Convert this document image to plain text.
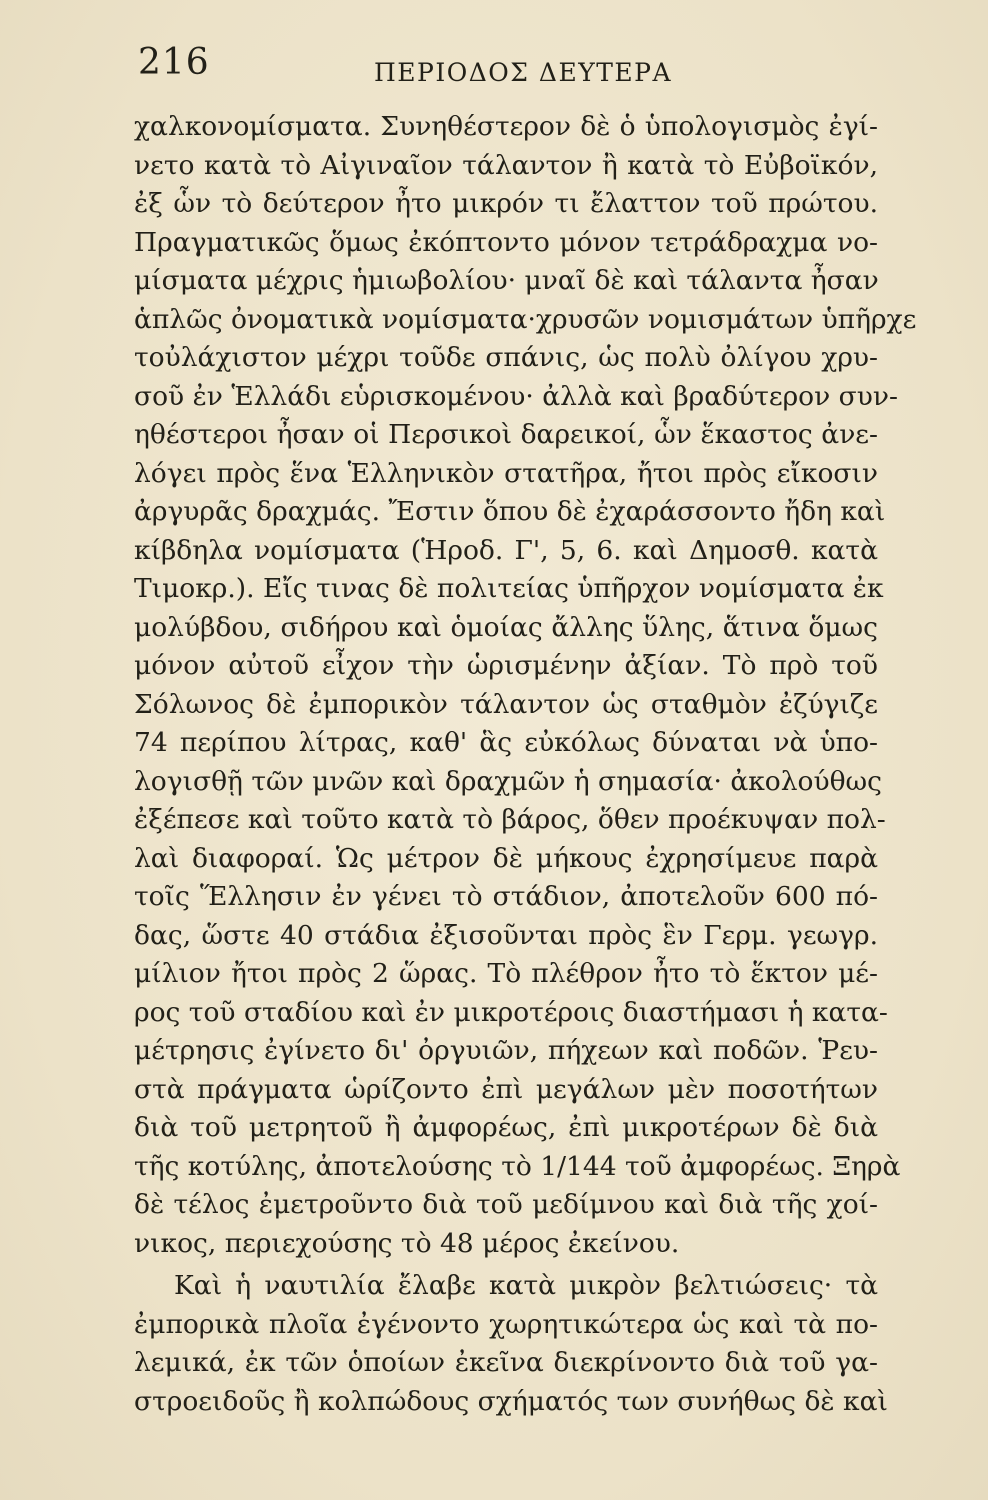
216	ΠΕΡΙΟΔΟΣ ΔΕΥΤΕΡΑ
χαλκονομίσματα. Συνηθέστερον δὲ ὁ ὑπολογισμὸς ἐγί-
νετο κατὰ τὸ Αἰγιναῖον τάλαντον ἢ κατὰ τὸ Εὐβοϊκόν,
ἐξ ὧν τὸ δεύτερον ἦτο μικρόν τι ἔλαττον τοῦ πρώτου.
Πραγματικῶς ὅμως ἐκόπτοντο μόνον τετράδραχμα νο-
μίσματα μέχρις ἡμιωβολίου· μναῖ δὲ καὶ τάλαντα ἦσαν
ἁπλῶς ὀνοματικὰ νομίσματα·χρυσῶν νομισμάτων ὑπῆρχε
τοὐλάχιστον μέχρι τοῦδε σπάνις, ὡς πολὺ ὀλίγου χρυ-
σοῦ ἐν Ἑλλάδι εὑρισκομένου· ἀλλὰ καὶ βραδύτερον συν-
ηθέστεροι ἦσαν οἱ Περσικοὶ δαρεικοί, ὧν ἕκαστος ἀνε-
λόγει πρὸς ἕνα Ἑλληνικὸν στατῆρα, ἤτοι πρὸς εἴκοσιν
ἀργυρᾶς δραχμάς. Ἔστιν ὅπου δὲ ἐχαράσσοντο ἤδη καὶ
κίβδηλα νομίσματα (Ἡροδ. Γ', 5, 6. καὶ Δημοσθ. κατὰ
Τιμοκρ.). Εἴς τινας δὲ πολιτείας ὑπῆρχον νομίσματα ἐκ
μολύβδου, σιδήρου καὶ ὁμοίας ἄλλης ὕλης, ἅτινα ὅμως
μόνον αὐτοῦ εἶχον τὴν ὡρισμένην ἀξίαν. Τὸ πρὸ τοῦ
Σόλωνος δὲ ἐμπορικὸν τάλαντον ὡς σταθμὸν ἐζύγιζε
74 περίπου λίτρας, καθ' ἃς εὐκόλως δύναται νὰ ὑπο-
λογισθῇ τῶν μνῶν καὶ δραχμῶν ἡ σημασία· ἀκολούθως
ἐξέπεσε καὶ τοῦτο κατὰ τὸ βάρος, ὅθεν προέκυψαν πολ-
λαὶ διαφοραί. Ὡς μέτρον δὲ μήκους ἐχρησίμευε παρὰ
τοῖς Ἕλλησιν ἐν γένει τὸ στάδιον, ἀποτελοῦν 600 πό-
δας, ὥστε 40 στάδια ἐξισοῦνται πρὸς ἓν Γερμ. γεωγρ.
μίλιον ἤτοι πρὸς 2 ὥρας. Τὸ πλέθρον ἦτο τὸ ἕκτον μέ-
ρος τοῦ σταδίου καὶ ἐν μικροτέροις διαστήμασι ἡ κατα-
μέτρησις ἐγίνετο δι' ὀργυιῶν, πήχεων καὶ ποδῶν. Ῥευ-
στὰ πράγματα ὡρίζοντο ἐπὶ μεγάλων μὲν ποσοτήτων
διὰ τοῦ μετρητοῦ ἢ ἀμφορέως, ἐπὶ μικροτέρων δὲ διὰ
τῆς κοτύλης, ἀποτελούσης τὸ 1/144 τοῦ ἀμφορέως. Ξηρὰ
δὲ τέλος ἐμετροῦντο διὰ τοῦ μεδίμνου καὶ διὰ τῆς χοί-
νικος, περιεχούσης τὸ 48 μέρος ἐκείνου.
Καὶ ἡ ναυτιλία ἔλαβε κατὰ μικρὸν βελτιώσεις· τὰ
ἐμπορικὰ πλοῖα ἐγένοντο χωρητικώτερα ὡς καὶ τὰ πο-
λεμικά, ἐκ τῶν ὁποίων ἐκεῖνα διεκρίνοντο διὰ τοῦ γα-
στροειδοῦς ἢ κολπώδους σχήματός των συνήθως δὲ καὶ
